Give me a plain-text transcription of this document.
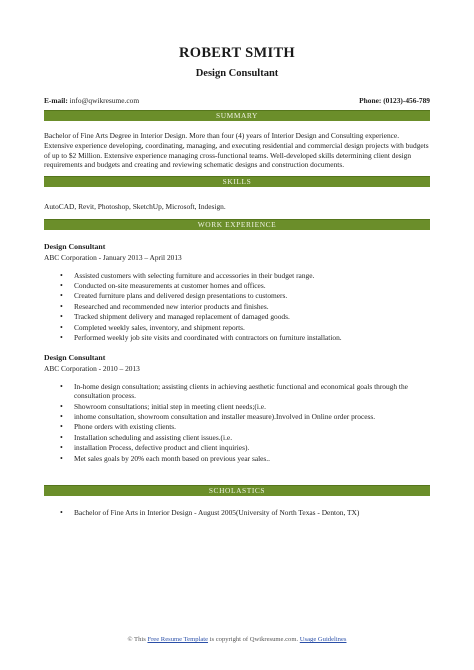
ROBERT SMITH
Design Consultant
E-mail: info@qwikresume.com	Phone: (0123)-456-789
SUMMARY
Bachelor of Fine Arts Degree in Interior Design. More than four (4) years of Interior Design and Consulting experience. Extensive experience developing, coordinating, managing, and executing residential and commercial design projects with budgets of up to $2 Million. Extensive experience managing cross-functional teams. Well-developed skills determining client design requirements and budgets and creating and reviewing schematic designs and construction documents.
SKILLS
AutoCAD, Revit, Photoshop, SketchUp, Microsoft, Indesign.
WORK EXPERIENCE
Design Consultant
ABC Corporation - January 2013 – April 2013
• Assisted customers with selecting furniture and accessories in their budget range.
• Conducted on-site measurements at customer homes and offices.
• Created furniture plans and delivered design presentations to customers.
• Researched and recommended new interior products and finishes.
• Tracked shipment delivery and managed replacement of damaged goods.
• Completed weekly sales, inventory, and shipment reports.
• Performed weekly job site visits and coordinated with contractors on furniture installation.
Design Consultant
ABC Corporation - 2010 – 2013
• In-home design consultation; assisting clients in achieving aesthetic functional and economical goals through the consultation process.
• Showroom consultations; initial step in meeting client needs;(i.e.
• inhome consultation, showroom consultation and installer measure).Involved in Online order process.
• Phone orders with existing clients.
• Installation scheduling and assisting client issues.(i.e.
• installation Process, defective product and client inquiries).
• Met sales goals by 20% each month based on previous year sales..
SCHOLASTICS
• Bachelor of Fine Arts in Interior Design - August 2005(University of North Texas - Denton, TX)
© This Free Resume Template is copyright of Qwikresume.com. Usage Guidelines
